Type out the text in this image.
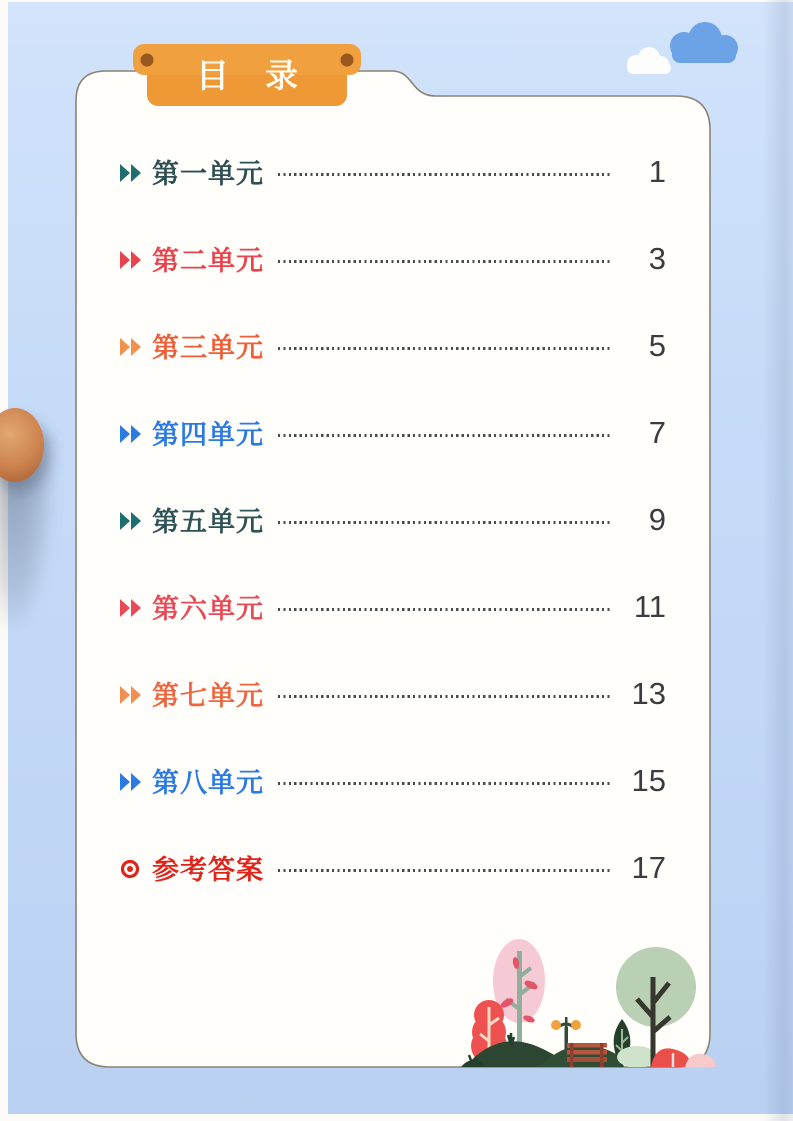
目录
第一单元	1
第二单元	3
第三单元	5
第四单元	7
第五单元	9
第六单元	11
第七单元	13
第八单元	15
参考答案	17
